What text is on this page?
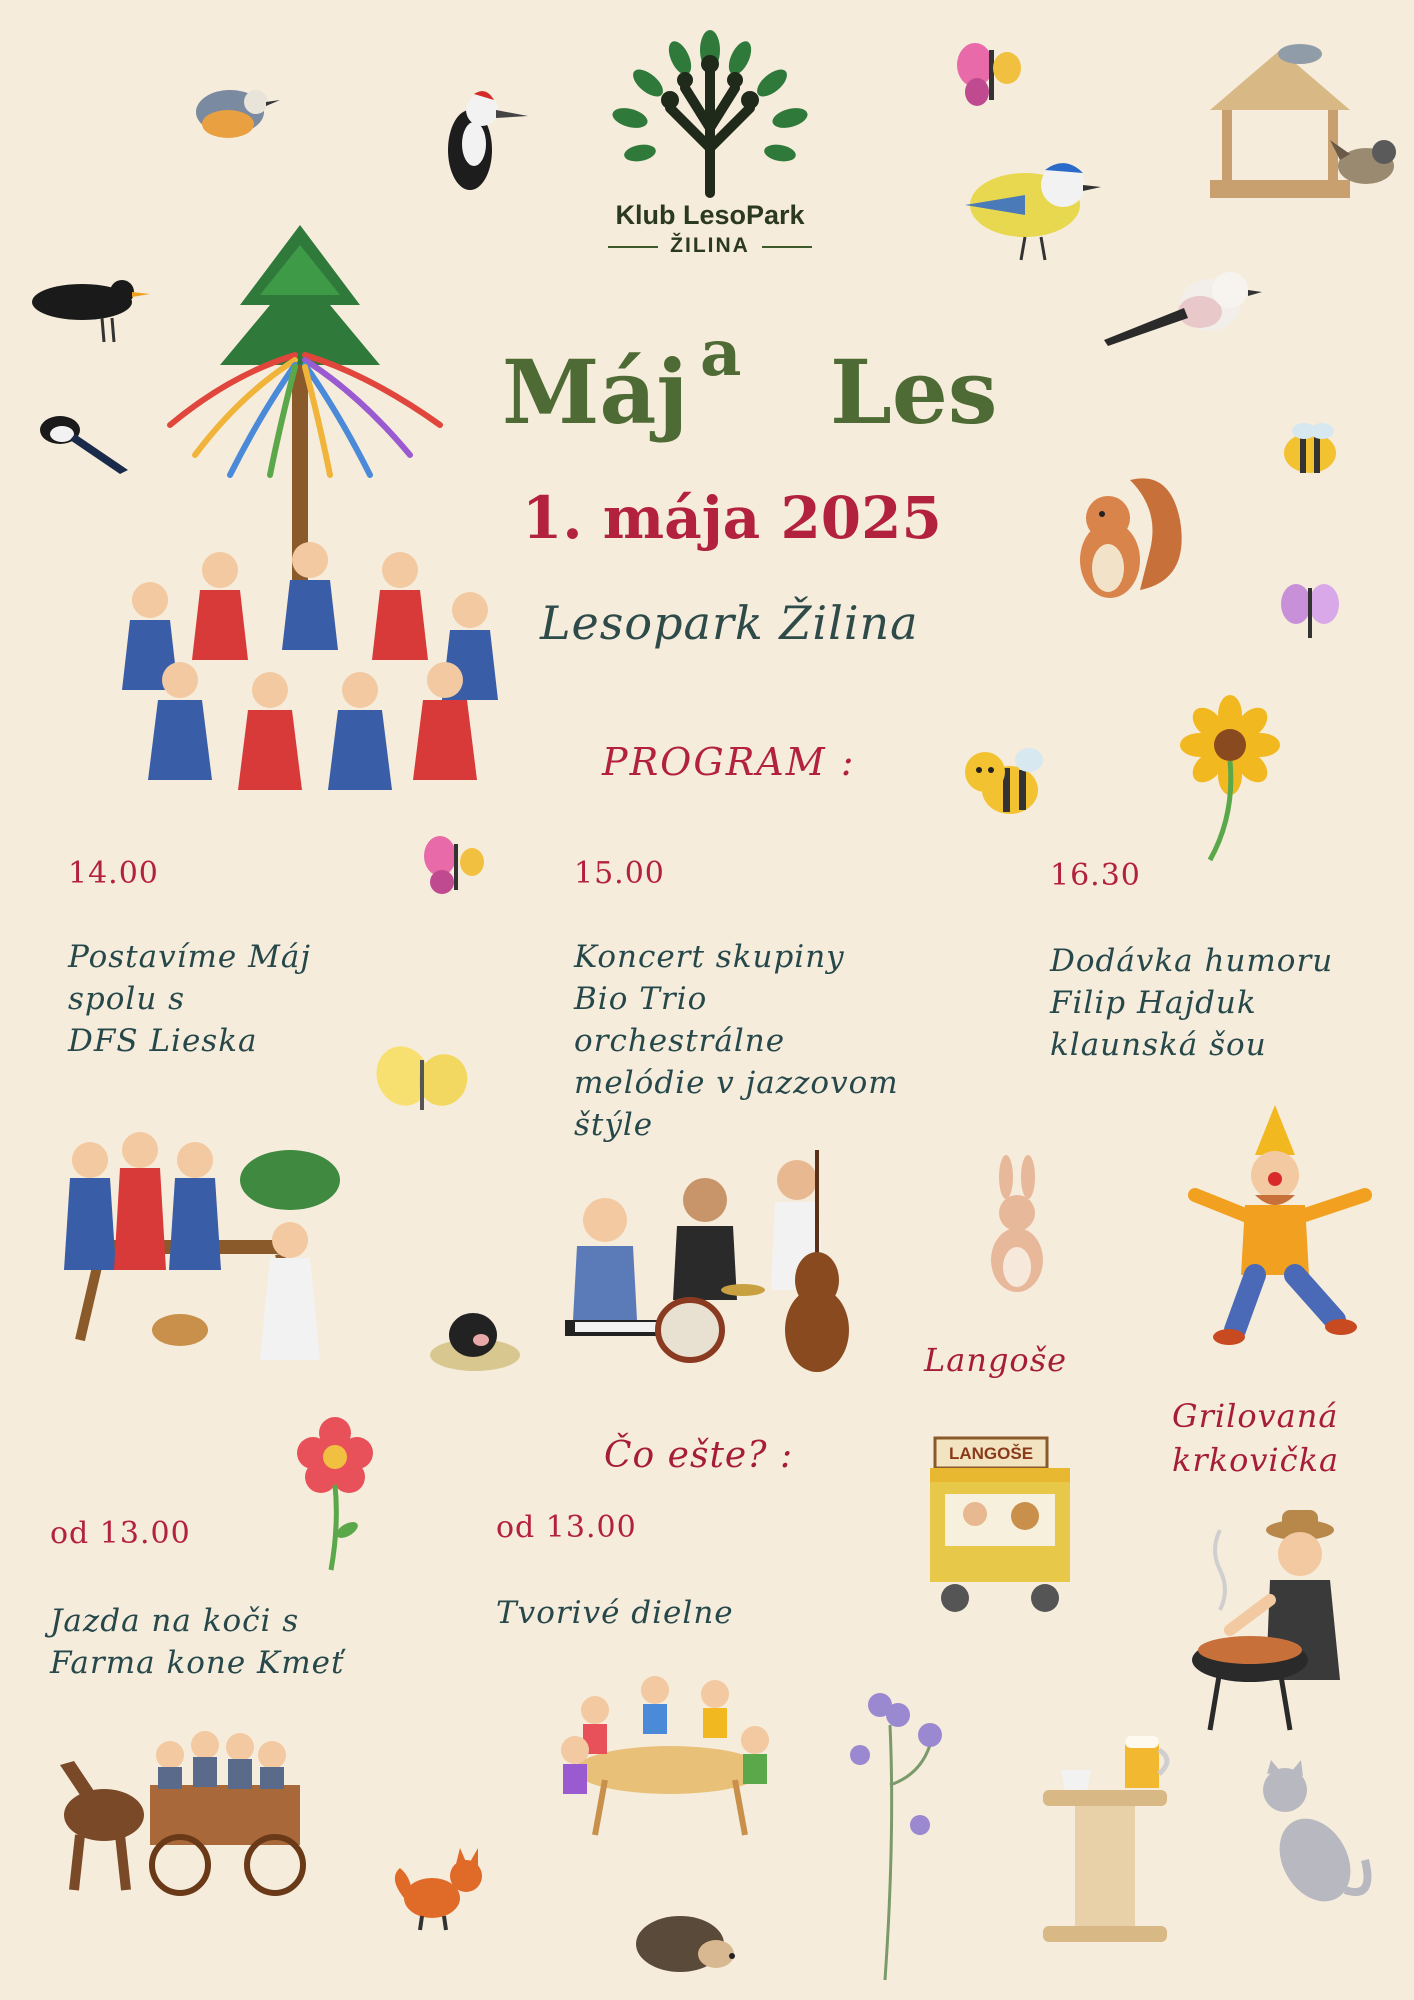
Klub LesoPark
ŽILINA
Máj a Les
1. mája 2025
Lesopark Žilina
PROGRAM :
14.00
Postavíme Máj
spolu s
DFS Lieska
15.00
Koncert skupiny
Bio Trio
orchestrálne
melódie v jazzovom
štýle
16.30
Dodávka humoru
Filip Hajduk
klaunská šou
Čo ešte? :
od 13.00
Jazda na koči s
Farma kone Kmeť
od 13.00
Tvorivé dielne
Langoše
Grilovaná
krkovička
LANGOŠE
